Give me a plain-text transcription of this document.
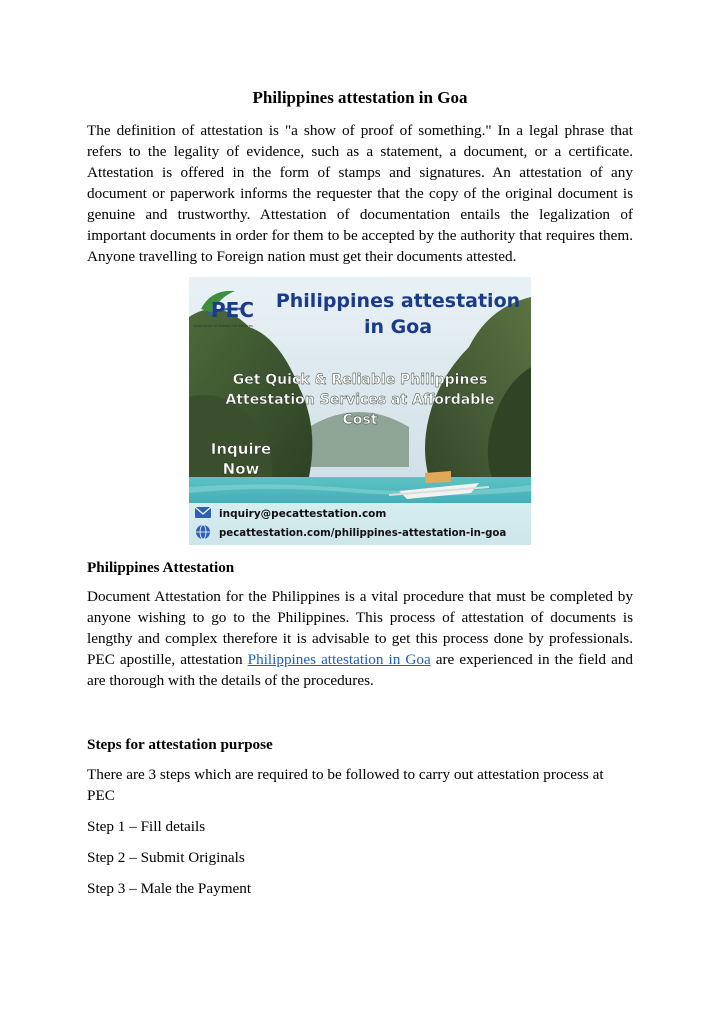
Philippines attestation in Goa

The definition of attestation is "a show of proof of something." In a legal phrase that refers to the legality of evidence, such as a statement, a document, or a certificate. Attestation is offered in the form of stamps and signatures. An attestation of any document or paperwork informs the requester that the copy of the original document is genuine and trustworthy. Attestation of documentation entails the legalization of important documents in order for them to be accepted by the authority that requires them. Anyone travelling to Foreign nation must get their documents attested.

PEC
Association of Events Ltd Services
Philippines attestation
in Goa
Get Quick & Reliable Philippines
Attestation Services at Affordable
Cost
Inquire
Now
inquiry@pecattestation.com
pecattestation.com/philippines-attestation-in-goa
Philippines Attestation

Document Attestation for the Philippines is a vital procedure that must be completed by anyone wishing to go to the Philippines. This process of attestation of documents is lengthy and complex therefore it is advisable to get this process done by professionals. PEC apostille, attestation Philippines attestation in Goa are experienced in the field and are thorough with the details of the procedures.

Steps for attestation purpose

There are 3 steps which are required to be followed to carry out attestation process at PEC

Step 1 – Fill details

Step 2 – Submit Originals

Step 3 – Male the Payment
